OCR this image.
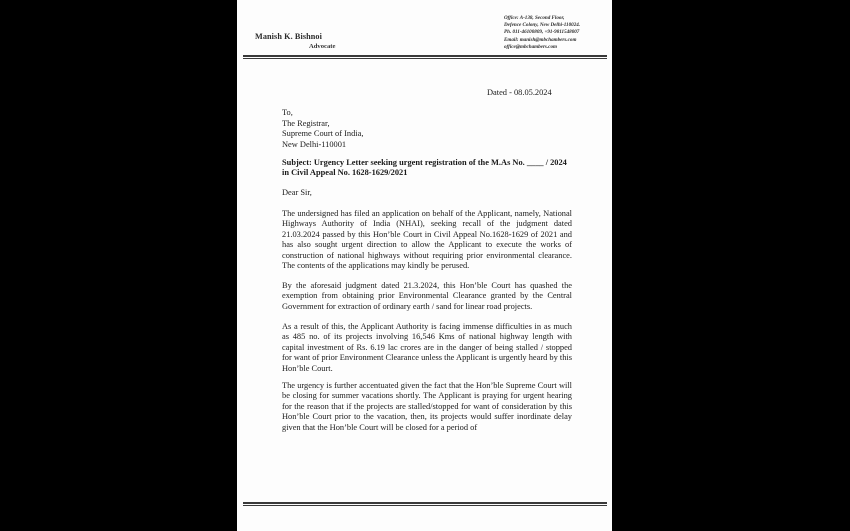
Manish K. Bishnoi
Advocate
Office: A-138, Second Floor,
Defence Colony, New Delhi-110024.
Ph. 011-46100809, +91-9811548007
Email: manish@mbchambers.com
office@mbchambers.com
Dated - 08.05.2024
To,
The Registrar,
Supreme Court of India,
New Delhi-110001
Subject: Urgency Letter seeking urgent registration of the M.As No. ____ / 2024 in Civil Appeal No. 1628-1629/2021
Dear Sir,
The undersigned has filed an application on behalf of the Applicant, namely, National Highways Authority of India (NHAI), seeking recall of the judgment dated 21.03.2024 passed by this Hon’ble Court in Civil Appeal No.1628-1629 of 2021 and has also sought urgent direction to allow the Applicant to execute the works of construction of national highways without requiring prior environmental clearance. The contents of the applications may kindly be perused.
By the aforesaid judgment dated 21.3.2024, this Hon’ble Court has quashed the exemption from obtaining prior Environmental Clearance granted by the Central Government for extraction of ordinary earth / sand for linear road projects.
As a result of this, the Applicant Authority is facing immense difficulties in as much as 485 no. of its projects involving 16,546 Kms of national highway length with capital investment of Rs. 6.19 lac crores are in the danger of being stalled / stopped for want of prior Environment Clearance unless the Applicant is urgently heard by this Hon’ble Court.
The urgency is further accentuated given the fact that the Hon’ble Supreme Court will be closing for summer vacations shortly. The Applicant is praying for urgent hearing for the reason that if the projects are stalled/stopped for want of consideration by this Hon’ble Court prior to the vacation, then, its projects would suffer inordinate delay given that the Hon’ble Court will be closed for a period of
